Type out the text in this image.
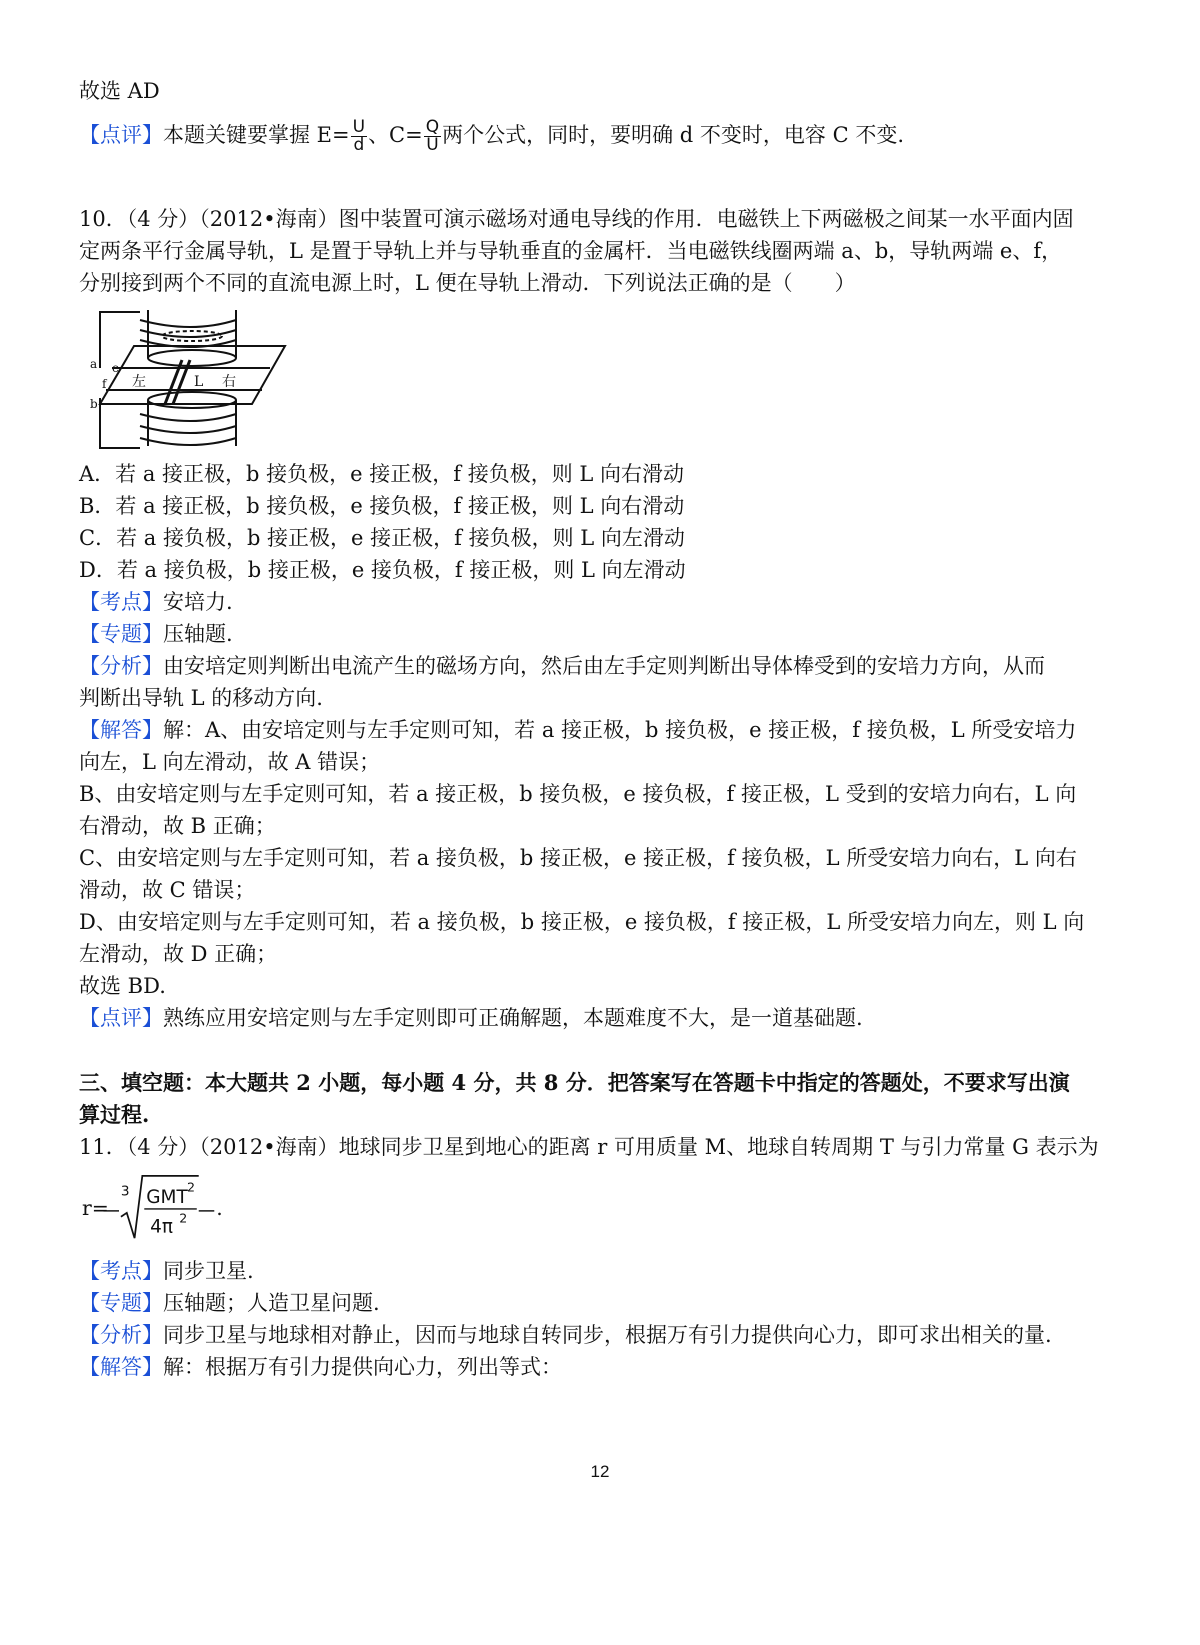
故选 AD
【点评】本题关键要掌握 $E= \frac{U}{d}$ 、$C= \frac{Q}{U}$ 两个公式，同时，要明确 d 不变时，电容 C 不变.
10．（4 分）（2012•海南）图中装置可演示磁场对通电导线的作用．电磁铁上下两磁极之间某一水平面内固
定两条平行金属导轨，L 是置于导轨上并与导轨垂直的金属杆．当电磁铁线圈两端 a、b，导轨两端 e、f，
分别接到两个不同的直流电源上时，L 便在导轨上滑动．下列说法正确的是（　　）
a
b
e
f 左	L 右
A．若 a 接正极，b 接负极，e 接正极，f 接负极，则 L 向右滑动
B．若 a 接正极，b 接负极，e 接负极，f 接正极，则 L 向右滑动
C．若 a 接负极，b 接正极，e 接正极，f 接负极，则 L 向左滑动
D．若 a 接负极，b 接正极，e 接负极，f 接正极，则 L 向左滑动
【考点】安培力.
【专题】压轴题.
【分析】由安培定则判断出电流产生的磁场方向，然后由左手定则判断出导体棒受到的安培力方向，从而
判断出导轨 L 的移动方向.
【解答】解：A、由安培定则与左手定则可知，若 a 接正极，b 接负极，e 接正极，f 接负极，L 所受安培力
向左，L 向左滑动，故 A 错误；
B、由安培定则与左手定则可知，若 a 接正极，b 接负极，e 接负极，f 接正极，L 受到的安培力向右，L 向
右滑动，故 B 正确；
C、由安培定则与左手定则可知，若 a 接负极，b 接正极，e 接正极，f 接负极，L 所受安培力向右，L 向右
滑动，故 C 错误；
D、由安培定则与左手定则可知，若 a 接负极，b 接正极，e 接负极，f 接正极，L 所受安培力向左，则 L 向
左滑动，故 D 正确；
故选 BD.
【点评】熟练应用安培定则与左手定则即可正确解题，本题难度不大，是一道基础题.
三、填空题：本大题共 2 小题，每小题 4 分，共 8 分．把答案写在答题卡中指定的答题处，不要求写出演
算过程.
11．（4 分）（2012•海南）地球同步卫星到地心的距离 r 可用质量 M、地球自转周期 T 与引力常量 G 表示为
r=
3 GMT
2
4π 2 .
【考点】同步卫星.
【专题】压轴题；人造卫星问题.
【分析】同步卫星与地球相对静止，因而与地球自转同步，根据万有引力提供向心力，即可求出相关的量.
【解答】解：根据万有引力提供向心力，列出等式：
12
